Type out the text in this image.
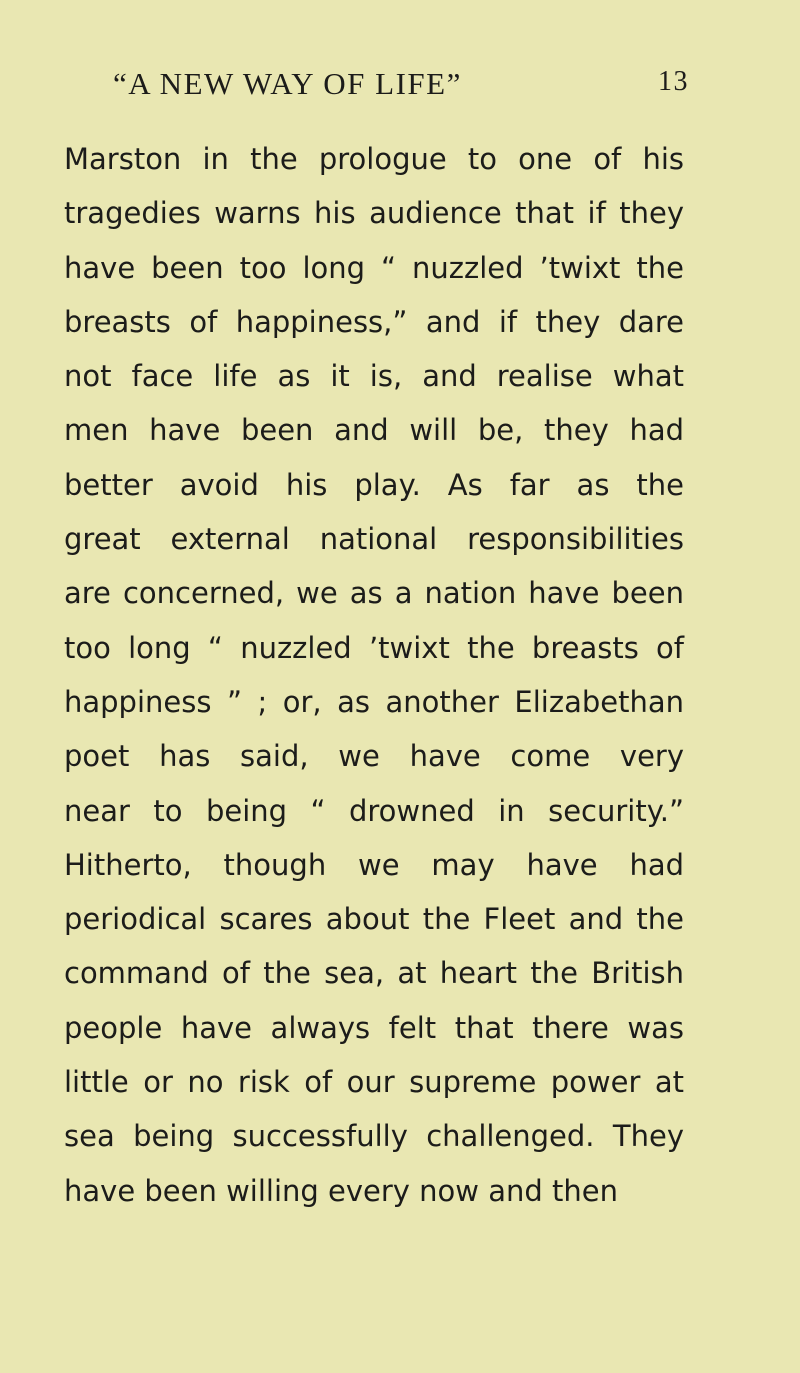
“A NEW WAY OF LIFE”	13
Marston in the prologue to one of his
tragedies warns his audience that if they
have been too long “ nuzzled ’twixt the
breasts of happiness,” and if they dare
not face life as it is, and realise what
men have been and will be, they had
better avoid his play. As far as the
great external national responsibilities
are concerned, we as a nation have been
too long “ nuzzled ’twixt the breasts of
happiness ” ; or, as another Elizabethan
poet has said, we have come very
near to being “ drowned in security.”
Hitherto, though we may have had
periodical scares about the Fleet and the
command of the sea, at heart the British
people have always felt that there was
little or no risk of our supreme power at
sea being successfully challenged. They
have been willing every now and then
